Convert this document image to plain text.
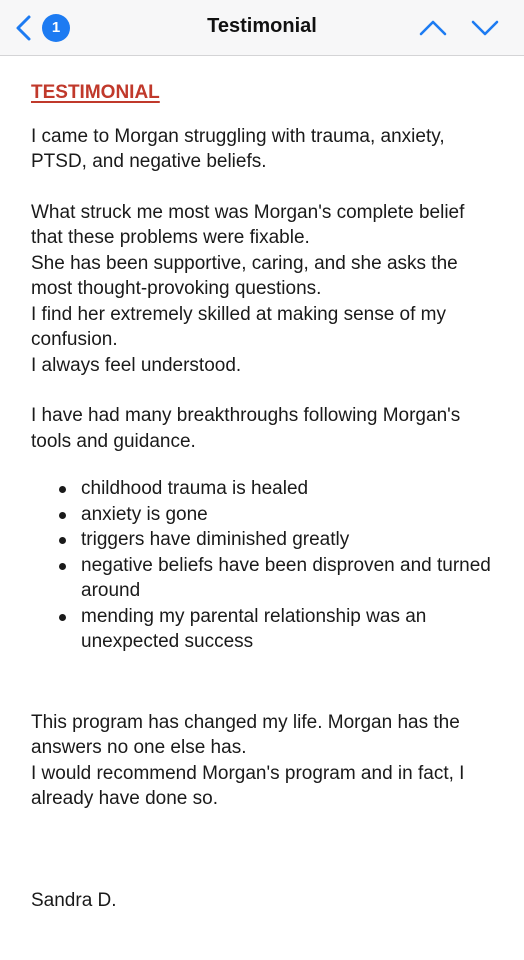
1	Testimonial
TESTIMONIAL

I came to Morgan struggling with trauma, anxiety, PTSD, and negative beliefs.

What struck me most was Morgan's complete belief that these problems were fixable.

She has been supportive, caring, and she asks the most thought-provoking questions.

I find her extremely skilled at making sense of my confusion.

I always feel understood.

I have had many breakthroughs following Morgan's tools and guidance.

childhood trauma is healed
anxiety is gone
triggers have diminished greatly
negative beliefs have been disproven and turned around
mending my parental relationship was an unexpected success

This program has changed my life. Morgan has the answers no one else has.

I would recommend Morgan's program and in fact, I already have done so.

Sandra D.
